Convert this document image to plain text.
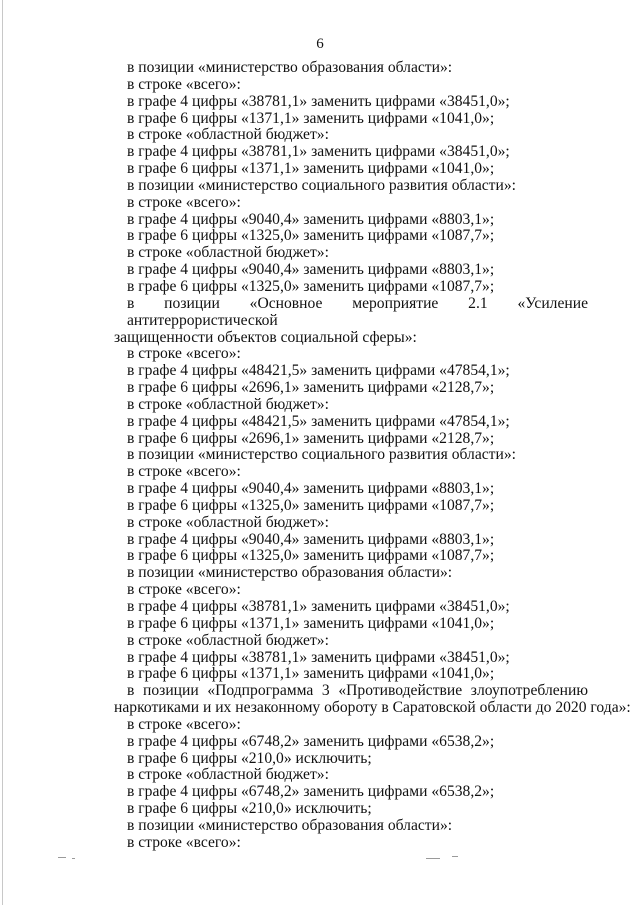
6

в позиции «министерство образования области»:

в строке «всего»:

в графе 4 цифры «38781,1» заменить цифрами «38451,0»;

в графе 6 цифры «1371,1» заменить цифрами «1041,0»;

в строке «областной бюджет»:

в графе 4 цифры «38781,1» заменить цифрами «38451,0»;

в графе 6 цифры «1371,1» заменить цифрами «1041,0»;

в позиции «министерство социального развития области»:

в строке «всего»:

в графе 4 цифры «9040,4» заменить цифрами «8803,1»;

в графе 6 цифры «1325,0» заменить цифрами «1087,7»;

в строке «областной бюджет»:

в графе 4 цифры «9040,4» заменить цифрами «8803,1»;

в графе 6 цифры «1325,0» заменить цифрами «1087,7»;

в позиции «Основное мероприятие 2.1 «Усиление антитеррористической

защищенности объектов социальной сферы»:

в строке «всего»:

в графе 4 цифры «48421,5» заменить цифрами «47854,1»;

в графе 6 цифры «2696,1» заменить цифрами «2128,7»;

в строке «областной бюджет»:

в графе 4 цифры «48421,5» заменить цифрами «47854,1»;

в графе 6 цифры «2696,1» заменить цифрами «2128,7»;

в позиции «министерство социального развития области»:

в строке «всего»:

в графе 4 цифры «9040,4» заменить цифрами «8803,1»;

в графе 6 цифры «1325,0» заменить цифрами «1087,7»;

в строке «областной бюджет»:

в графе 4 цифры «9040,4» заменить цифрами «8803,1»;

в графе 6 цифры «1325,0» заменить цифрами «1087,7»;

в позиции «министерство образования области»:

в строке «всего»:

в графе 4 цифры «38781,1» заменить цифрами «38451,0»;

в графе 6 цифры «1371,1» заменить цифрами «1041,0»;

в строке «областной бюджет»:

в графе 4 цифры «38781,1» заменить цифрами «38451,0»;

в графе 6 цифры «1371,1» заменить цифрами «1041,0»;

в позиции «Подпрограмма 3 «Противодействие злоупотреблению

наркотиками и их незаконному обороту в Саратовской области до 2020 года»:

в строке «всего»:

в графе 4 цифры «6748,2» заменить цифрами «6538,2»;

в графе 6 цифры «210,0» исключить;

в строке «областной бюджет»:

в графе 4 цифры «6748,2» заменить цифрами «6538,2»;

в графе 6 цифры «210,0» исключить;

в позиции «министерство образования области»:

в строке «всего»:
